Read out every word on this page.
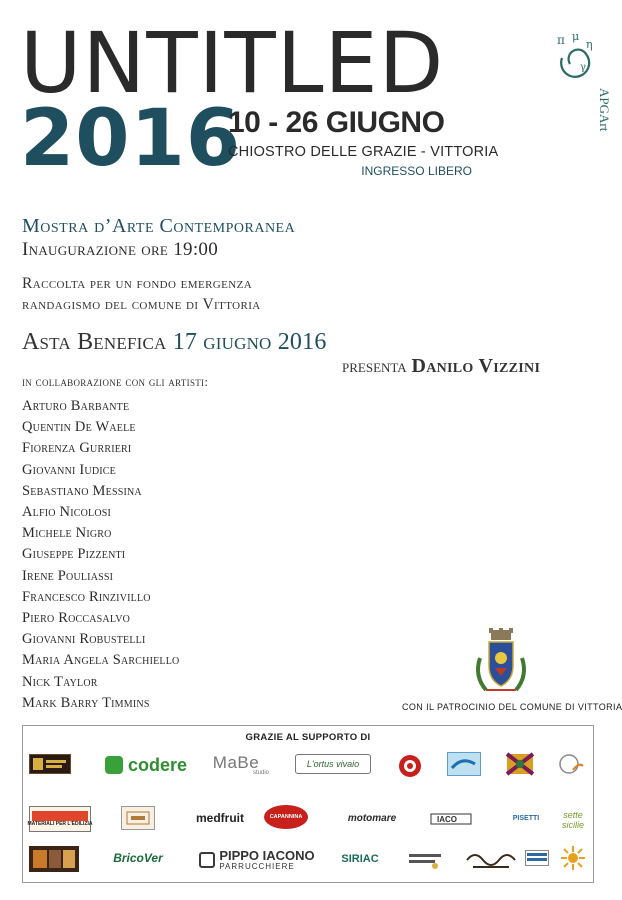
UNTITLED
2016
10 - 26 GIUGNO
CHIOSTRO DELLE GRAZIE - VITTORIA
INGRESSO LIBERO
π μ
η
γ
APGArt
Mostra d’Arte Contemporanea
Inaugurazione ore 19:00
Raccolta per un fondo emergenza
randagismo del comune di Vittoria
Asta Benefica 17 giugno 2016
presenta Danilo Vizzini
in collaborazione con gli artisti:
Arturo Barbante
Quentin De Waele
Fiorenza Gurrieri
Giovanni Iudice
Sebastiano Messina
Alfio Nicolosi
Michele Nigro
Giuseppe Pizzenti
Irene Pouliassi
Francesco Rinzivillo
Piero Roccasalvo
Giovanni Robustelli
Maria Angela Sarchiello
Nick Taylor
Mark Barry Timmins	CON IL PATROCINIO DEL COMUNE DI VITTORIA
GRAZIE AL SUPPORTO DI
codere MaBe
studio
L'ortus vivaio
MATERIALI PER L'EDILIZIA	medfruit	CAPANNINA	motomare	IACO	PISETTI	sette sicilie
BricoVer	PIPPO IACONO
PARRUCCHIERE
SIRIAC
